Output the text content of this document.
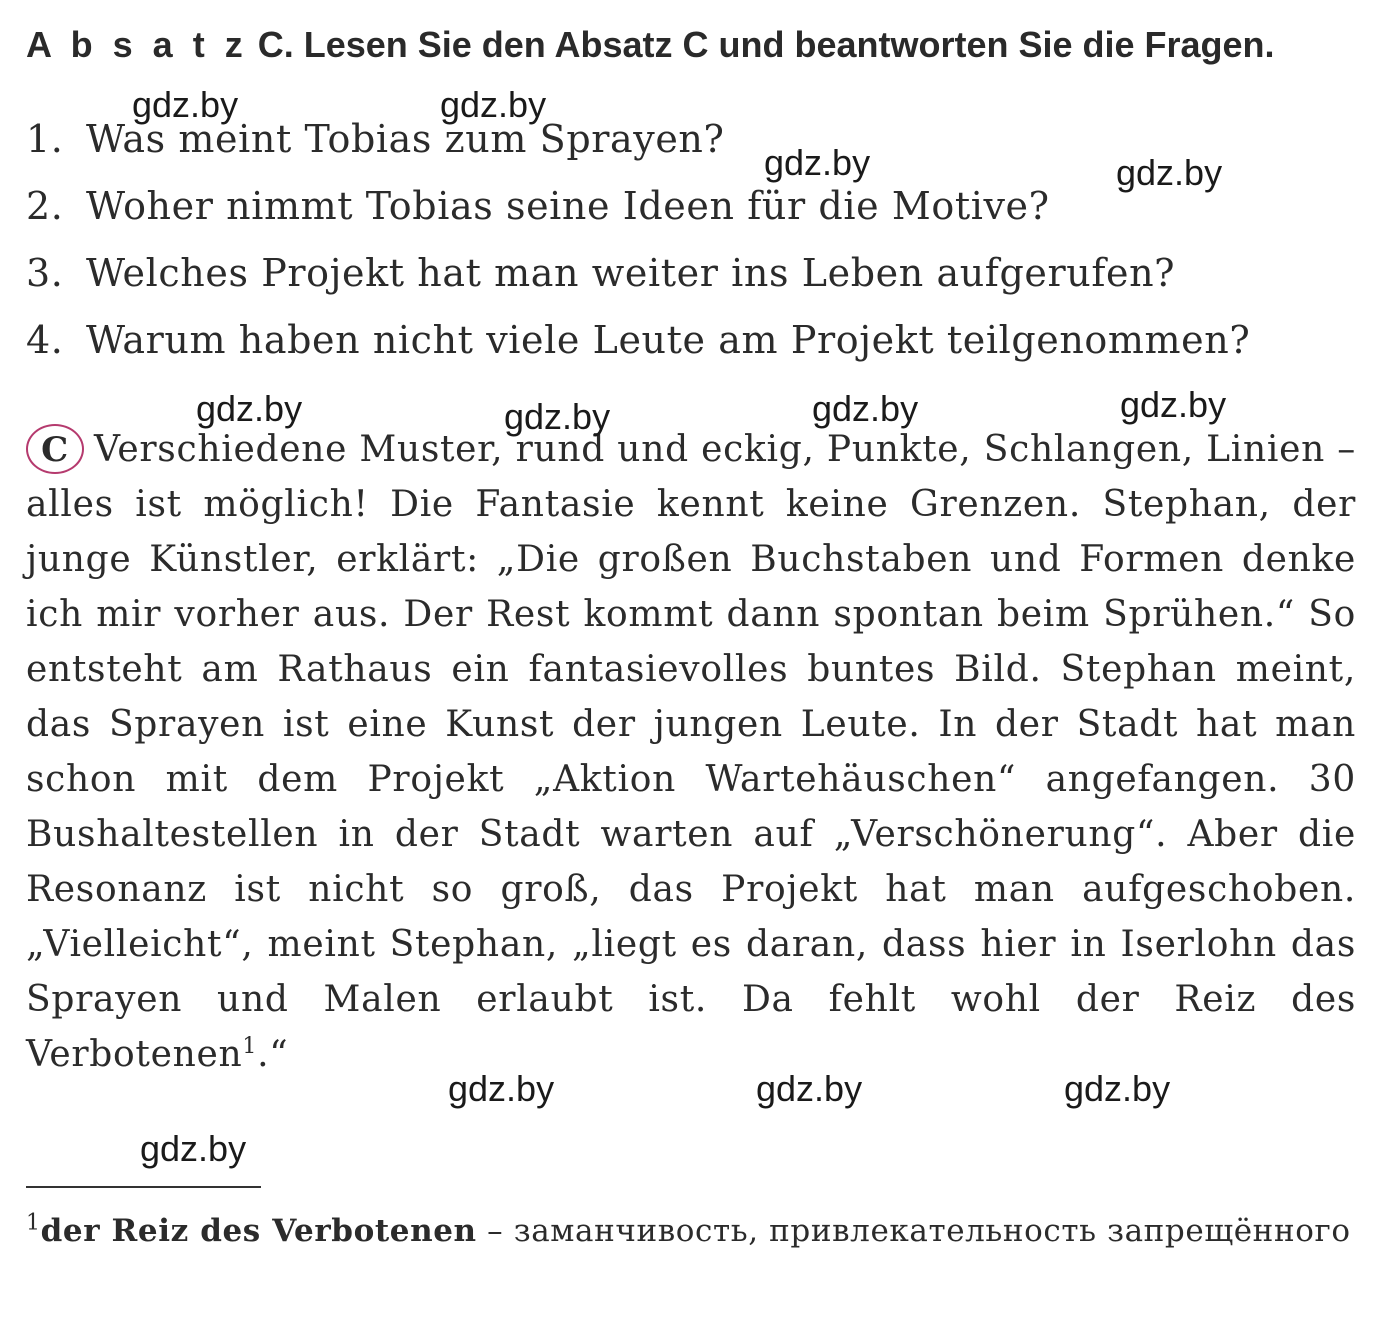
A b s a t z C. Lesen Sie den Absatz C und beantworten Sie die Fragen.
1. Was meint Tobias zum Sprayen?
2. Woher nimmt Tobias seine Ideen für die Motive?
3. Welches Projekt hat man weiter ins Leben aufgerufen?
4. Warum haben nicht viele Leute am Projekt teilgenommen?
C Verschiedene Muster, rund und eckig, Punkte, Schlangen, Linien – alles ist möglich! Die Fantasie kennt keine Grenzen. Stephan, der junge Künstler, erklärt: „Die großen Buchstaben und Formen denke ich mir vorher aus. Der Rest kommt dann spontan beim Sprühen.“ So entsteht am Rathaus ein fantasievolles buntes Bild. Stephan meint, das Sprayen ist eine Kunst der jungen Leute. In der Stadt hat man schon mit dem Projekt „Aktion Wartehäuschen“ angefangen. 30 Bushaltestellen in der Stadt warten auf „Verschönerung“. Aber die Resonanz ist nicht so groß, das Projekt hat man aufgeschoben. „Vielleicht“, meint Stephan, „liegt es daran, dass hier in Iserlohn das Sprayen und Malen erlaubt ist. Da fehlt wohl der Reiz des Verbotenen$^1$.“
$^1$der Reiz des Verbotenen – заманчивость, привлекательность запрещённого
gdz.by	gdz.by
gdz.by	gdz.by
gdz.by	gdz.by	gdz.by	gdz.by
gdz.by	gdz.by	gdz.by
gdz.by
